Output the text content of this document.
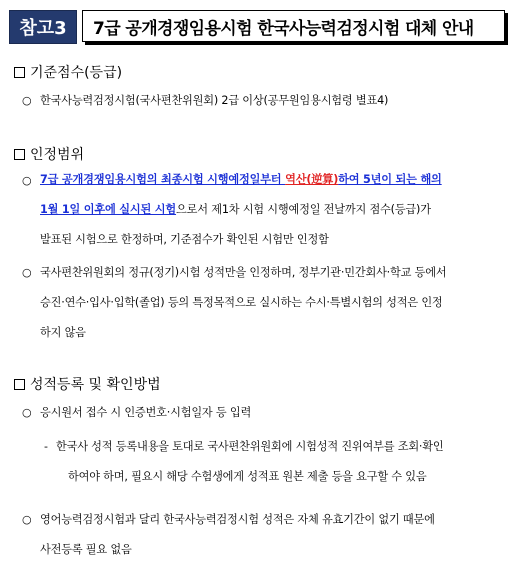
참고3	7급 공개경쟁임용시험 한국사능력검정시험 대체 안내
기준점수(등급)
○ 한국사능력검정시험(국사편찬위원회) 2급 이상(공무원임용시험령 별표4)
인정범위
○ 7급 공개경쟁임용시험의 최종시험 시행예정일부터 역산(逆算)하여 5년이 되는 해의
1월 1일 이후에 실시된 시험으로서 제1차 시험 시행예정일 전날까지 점수(등급)가
발표된 시험으로 한정하며, 기준점수가 확인된 시험만 인정함
○ 국사편찬위원회의 정규(정기)시험 성적만을 인정하며, 정부기관·민간회사·학교 등에서
승진·연수·입사·입학(졸업) 등의 특정목적으로 실시하는 수시·특별시험의 성적은 인정
하지 않음
성적등록 및 확인방법
○ 응시원서 접수 시 인증번호·시험일자 등 입력
- 한국사 성적 등록내용을 토대로 국사편찬위원회에 시험성적 진위여부를 조회·확인
하여야 하며, 필요시 해당 수험생에게 성적표 원본 제출 등을 요구할 수 있음
○ 영어능력검정시험과 달리 한국사능력검정시험 성적은 자체 유효기간이 없기 때문에
사전등록 필요 없음
